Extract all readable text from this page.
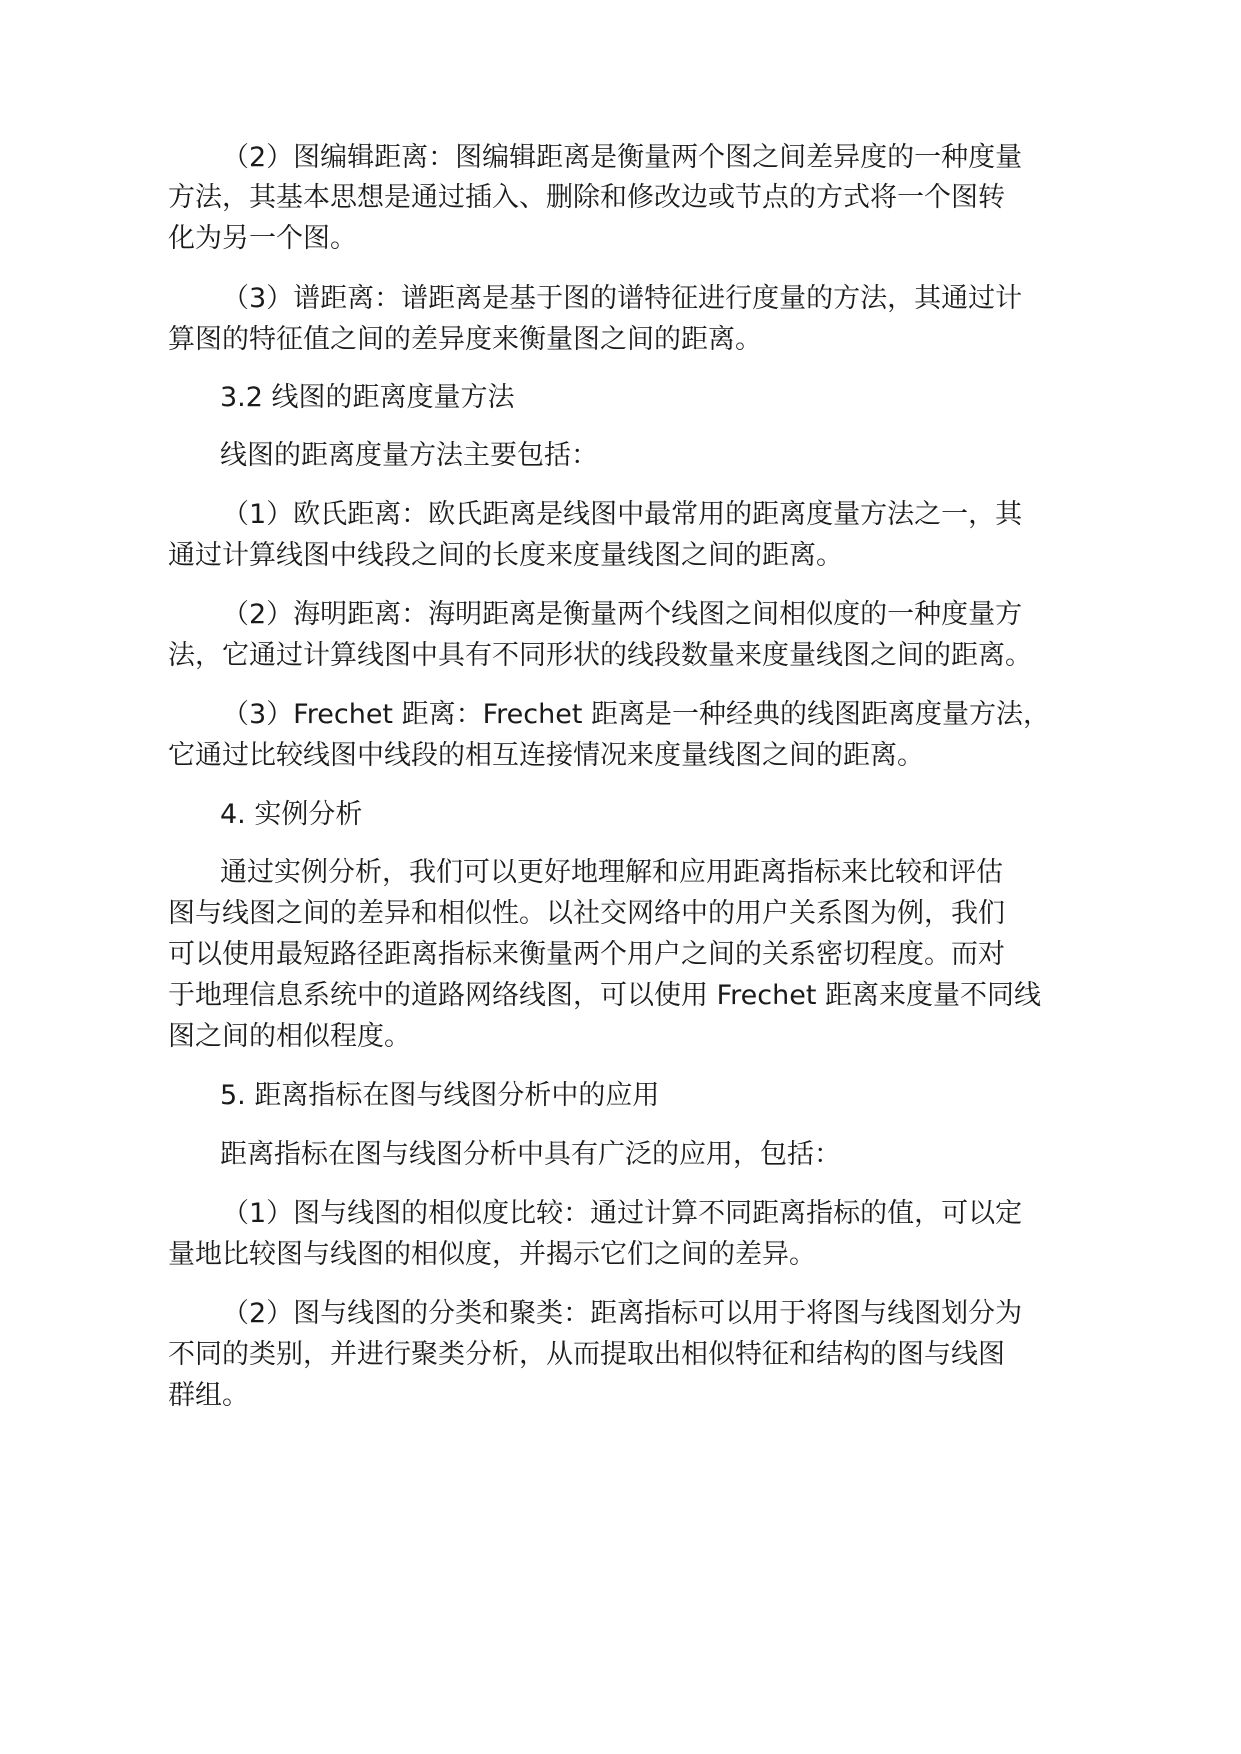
（2）图编辑距离：图编辑距离是衡量两个图之间差异度的一种度量
方法，其基本思想是通过插入、删除和修改边或节点的方式将一个图转
化为另一个图。
（3）谱距离：谱距离是基于图的谱特征进行度量的方法，其通过计
算图的特征值之间的差异度来衡量图之间的距离。
3.2 线图的距离度量方法
线图的距离度量方法主要包括：
（1）欧氏距离：欧氏距离是线图中最常用的距离度量方法之一，其
通过计算线图中线段之间的长度来度量线图之间的距离。
（2）海明距离：海明距离是衡量两个线图之间相似度的一种度量方
法，它通过计算线图中具有不同形状的线段数量来度量线图之间的距离。
（3）Frechet 距离：Frechet 距离是一种经典的线图距离度量方法，
它通过比较线图中线段的相互连接情况来度量线图之间的距离。
4. 实例分析
通过实例分析，我们可以更好地理解和应用距离指标来比较和评估
图与线图之间的差异和相似性。以社交网络中的用户关系图为例，我们
可以使用最短路径距离指标来衡量两个用户之间的关系密切程度。而对
于地理信息系统中的道路网络线图，可以使用 Frechet 距离来度量不同线
图之间的相似程度。
5. 距离指标在图与线图分析中的应用
距离指标在图与线图分析中具有广泛的应用，包括：
（1）图与线图的相似度比较：通过计算不同距离指标的值，可以定
量地比较图与线图的相似度，并揭示它们之间的差异。
（2）图与线图的分类和聚类：距离指标可以用于将图与线图划分为
不同的类别，并进行聚类分析，从而提取出相似特征和结构的图与线图
群组。
